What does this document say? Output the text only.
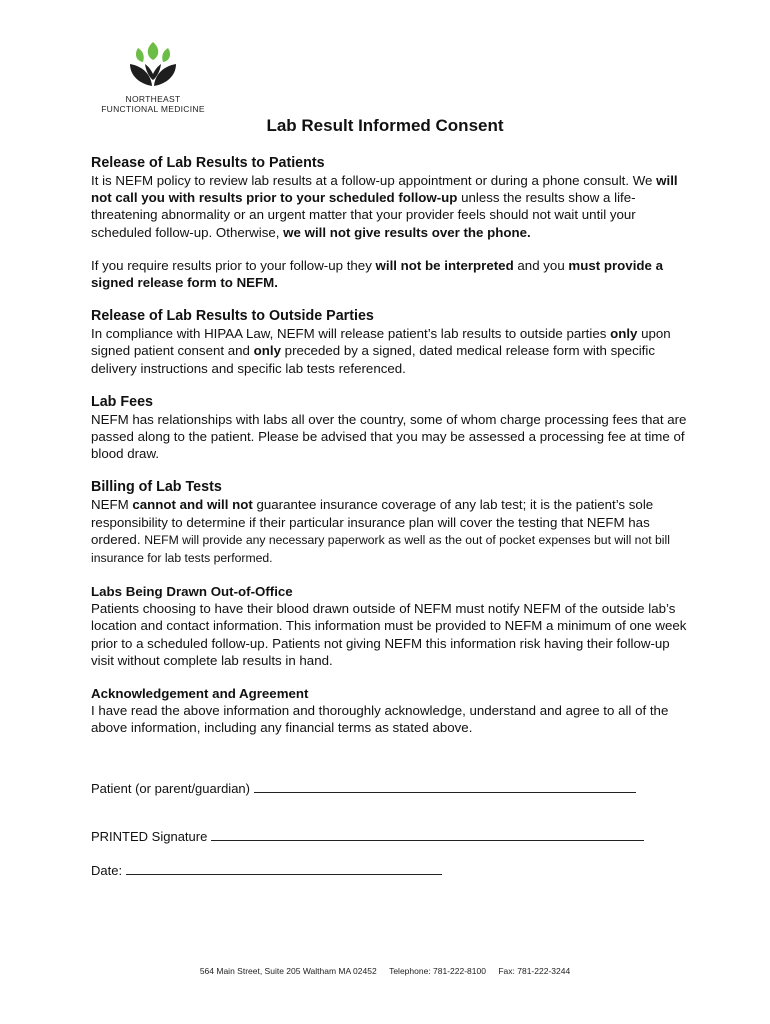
NORTHEAST
FUNCTIONAL MEDICINE
Lab Result Informed Consent
Release of Lab Results to Patients

It is NEFM policy to review lab results at a follow-up appointment or during a phone consult. We will not call you with results prior to your scheduled follow-up unless the results show a life-threatening abnormality or an urgent matter that your provider feels should not wait until your scheduled follow-up. Otherwise, we will not give results over the phone.

If you require results prior to your follow-up they will not be interpreted and you must provide a signed release form to NEFM.

Release of Lab Results to Outside Parties

In compliance with HIPAA Law, NEFM will release patient’s lab results to outside parties only upon signed patient consent and only preceded by a signed, dated medical release form with specific delivery instructions and specific lab tests referenced.

Lab Fees

NEFM has relationships with labs all over the country, some of whom charge processing fees that are passed along to the patient. Please be advised that you may be assessed a processing fee at time of blood draw.

Billing of Lab Tests

NEFM cannot and will not guarantee insurance coverage of any lab test; it is the patient’s sole responsibility to determine if their particular insurance plan will cover the testing that NEFM has ordered. NEFM will provide any necessary paperwork as well as the out of pocket expenses but will not bill insurance for lab tests performed.

Labs Being Drawn Out-of-Office

Patients choosing to have their blood drawn outside of NEFM must notify NEFM of the outside lab’s location and contact information. This information must be provided to NEFM a minimum of one week prior to a scheduled follow-up. Patients not giving NEFM this information risk having their follow-up visit without complete lab results in hand.

Acknowledgement and Agreement

I have read the above information and thoroughly acknowledge, understand and agree to all of the above information, including any financial terms as stated above.

Patient (or parent/guardian)
PRINTED Signature
Date:
564 Main Street, Suite 205 Waltham MA 02452 Telephone: 781-222-8100 Fax: 781-222-3244
